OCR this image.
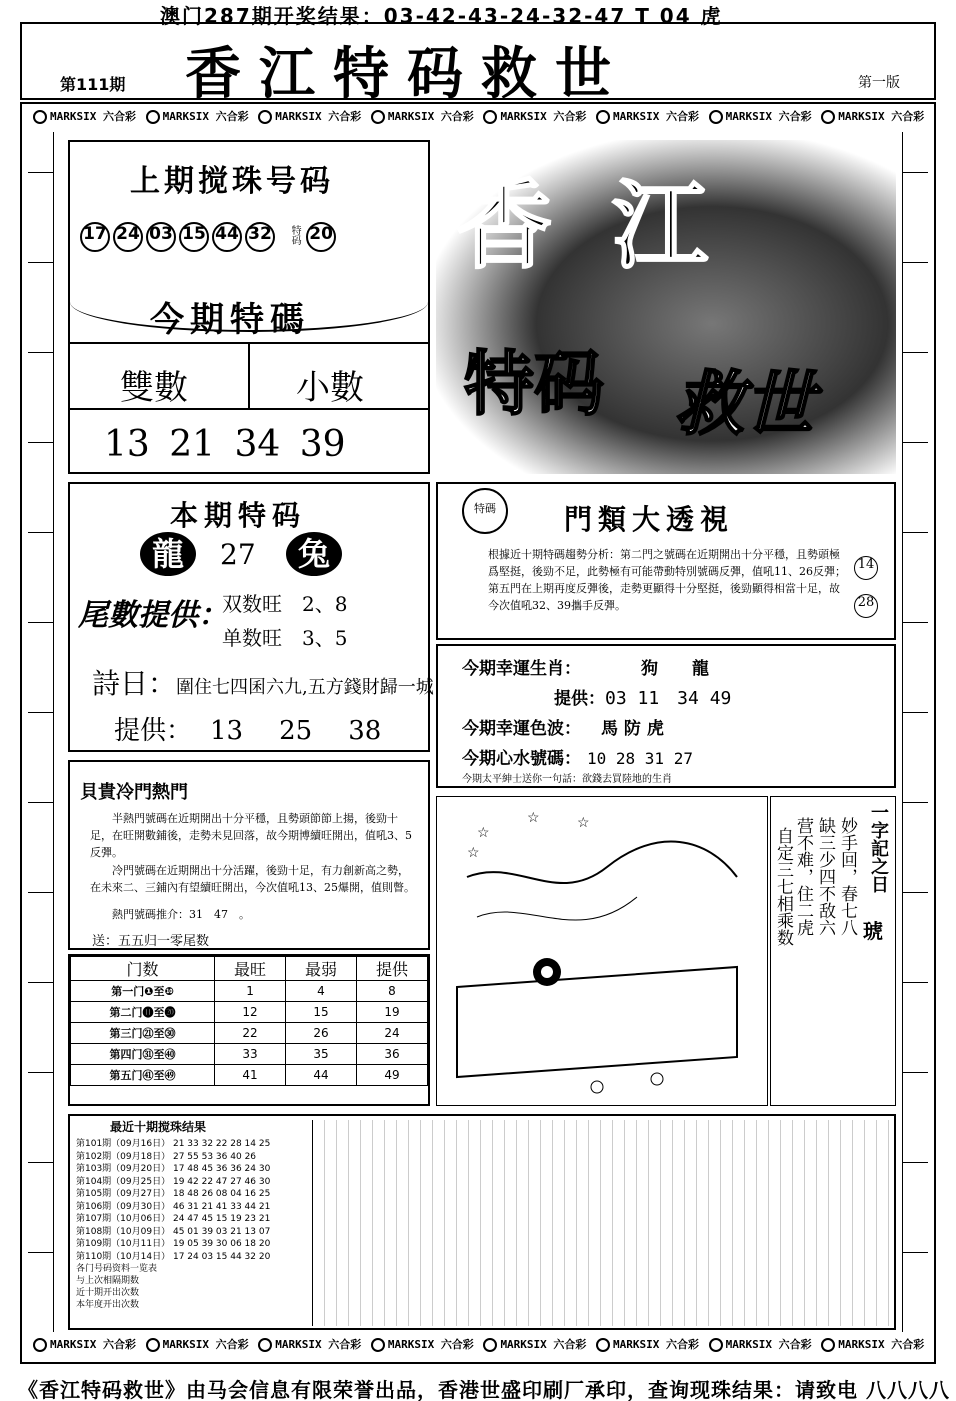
澳门287期开奖结果：03-42-43-24-32-47 T 04 虎
香江特码救世
第111期	第一版
MARKSIX 六合彩 MARKSIX 六合彩 MARKSIX 六合彩 MARKSIX 六合彩 MARKSIX 六合彩 MARKSIX 六合彩 MARKSIX 六合彩 MARKSIX 六合彩
MARKSIX 六合彩 MARKSIX 六合彩 MARKSIX 六合彩 MARKSIX 六合彩 MARKSIX 六合彩 MARKSIX 六合彩 MARKSIX 六合彩 MARKSIX 六合彩
上期搅珠号码
17 24 03 15 44 32 特码 20
今期特碼
雙數	小數
13 21 34 39
香江
特码 救世
本期特码
龍	27	兔
尾數提供：
双数旺　 2、8
单数旺　 3、5
詩日：圍住七四囷六九,五方錢財歸一城
提供： 13 25 38
特碼	門類大透視
根據近十期特碼趨勢分析：第二門之號碼在近期開出十分平穩，且勢頭極爲堅挺，後勁不足，此勢極有可能帶動特別號碼反彈，值吼11、26反彈；第五門在上期再度反彈後，走勢更顯得十分堅挺，後勁顯得相當十足，故今次值吼32、39攜手反彈。
14
28
今期幸運生肖：	狗　　龍
提供：03 11　34 49
今期幸運色波： 馬 防 虎
今期心水號碼： 10 28 31 27
今期太平紳士送你一句話：欲錢去買陸地的生肖
貝貴冷門熱門
半熱門號碼在近期開出十分平穩，且勢頭節節上揚，後勁十足，在旺開數鋪後，走勢未見回落，故今期博續旺開出，值吼3、5反彈。
冷門號碼在近期開出十分活躍，後勁十足，有力創新高之勢，在未來二、三鋪內有望續旺開出，今次值吼13、25爆開，值則瞥。
熱門號碼推介：31　47　。
送：五五归一零尾数
☆
☆	☆
☆	一字記之日
琥
妙手回，春七八
缺三少四不敌六
营不难，住二虎
自定三七相乘数
门数	最旺	最弱	提供
第一门❶至❿	1	4	8
第二门⓫至⓴	12	15	19
第三门㉑至㉚	22	26	24
第四门㉛至㊵	33	35	36
第五门㊶至㊾	41	44	49
最近十期搅珠结果
第101期（09月16日） 21 33 32 22 28 14 25
第102期（09月18日） 27 55 53 36 40 26
第103期（09月20日） 17 48 45 36 36 24 30
第104期（09月25日） 19 42 22 47 27 46 30
第105期（09月27日） 18 48 26 08 04 16 25
第106期（09月30日） 46 31 21 41 33 44 21
第107期（10月06日） 24 47 45 15 19 23 21
第108期（10月09日） 45 01 39 03 21 13 07
第109期（10月11日） 19 05 39 30 06 18 20
第110期（10月14日） 17 24 03 15 44 32 20
各门号码资料一览表
与上次相隔期数
近十期开出次数
本年度开出次数
《香江特码救世》由马会信息有限荣誉出品，香港世盛印刷厂承印，查询现珠结果：请致电 八八八八
